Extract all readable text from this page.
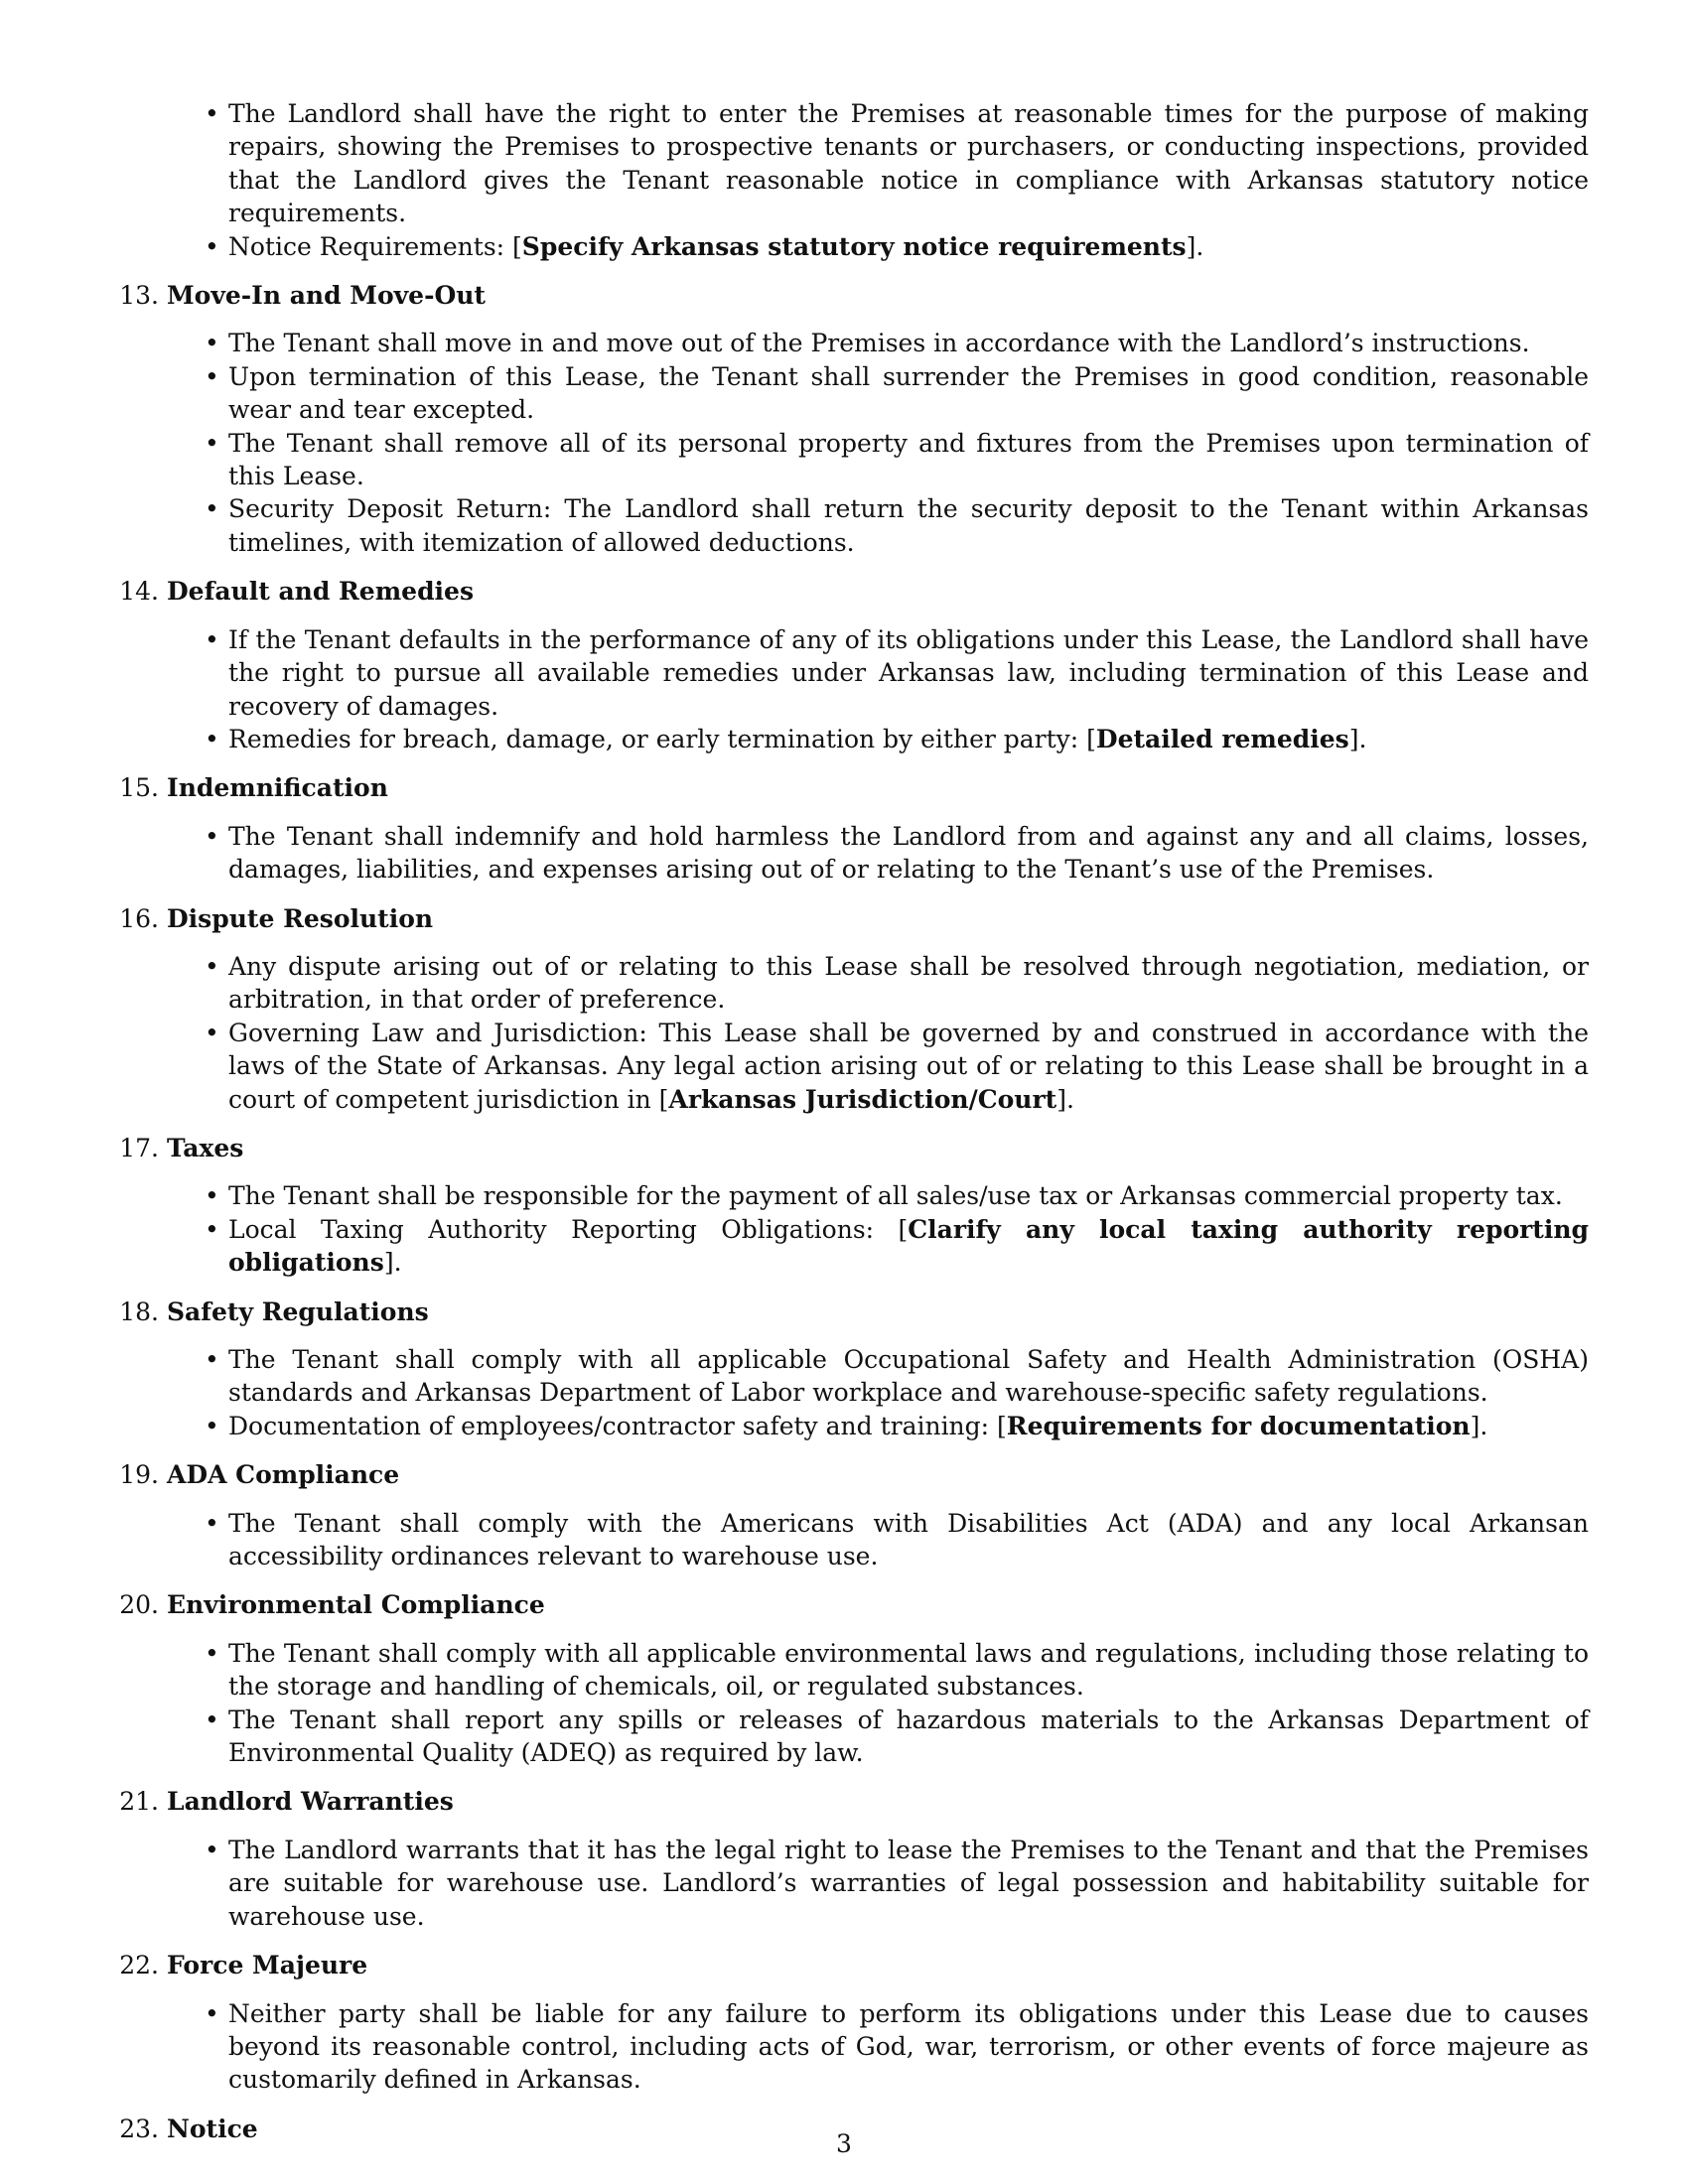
• The Landlord shall have the right to enter the Premises at reasonable times for the purpose of making repairs, showing the Premises to prospective tenants or purchasers, or conducting inspections, provided that the Landlord gives the Tenant reasonable notice in compliance with Arkansas statutory notice requirements.
• Notice Requirements: [Specify Arkansas statutory notice requirements].
13. Move-In and Move-Out
• The Tenant shall move in and move out of the Premises in accordance with the Landlord’s instructions.
• Upon termination of this Lease, the Tenant shall surrender the Premises in good condition, reasonable wear and tear excepted.
• The Tenant shall remove all of its personal property and fixtures from the Premises upon termination of this Lease.
• Security Deposit Return: The Landlord shall return the security deposit to the Tenant within Arkansas timelines, with itemization of allowed deductions.
14. Default and Remedies
• If the Tenant defaults in the performance of any of its obligations under this Lease, the Landlord shall have the right to pursue all available remedies under Arkansas law, including termination of this Lease and recovery of damages.
• Remedies for breach, damage, or early termination by either party: [Detailed remedies].
15. Indemnification
• The Tenant shall indemnify and hold harmless the Landlord from and against any and all claims, losses, damages, liabilities, and expenses arising out of or relating to the Tenant’s use of the Premises.
16. Dispute Resolution
• Any dispute arising out of or relating to this Lease shall be resolved through negotiation, mediation, or arbitration, in that order of preference.
• Governing Law and Jurisdiction: This Lease shall be governed by and construed in accordance with the laws of the State of Arkansas. Any legal action arising out of or relating to this Lease shall be brought in a court of competent jurisdiction in [Arkansas Jurisdiction/Court].
17. Taxes
• The Tenant shall be responsible for the payment of all sales/use tax or Arkansas commercial property tax.
• Local Taxing Authority Reporting Obligations: [Clarify any local taxing authority reporting obligations].
18. Safety Regulations
• The Tenant shall comply with all applicable Occupational Safety and Health Administration (OSHA) standards and Arkansas Department of Labor workplace and warehouse-specific safety regulations.
• Documentation of employees/contractor safety and training: [Requirements for documentation].
19. ADA Compliance
• The Tenant shall comply with the Americans with Disabilities Act (ADA) and any local Arkansan accessibility ordinances relevant to warehouse use.
20. Environmental Compliance
• The Tenant shall comply with all applicable environmental laws and regulations, including those relating to the storage and handling of chemicals, oil, or regulated substances.
• The Tenant shall report any spills or releases of hazardous materials to the Arkansas Department of Environmental Quality (ADEQ) as required by law.
21. Landlord Warranties
• The Landlord warrants that it has the legal right to lease the Premises to the Tenant and that the Premises are suitable for warehouse use. Landlord’s warranties of legal possession and habitability suitable for warehouse use.
22. Force Majeure
• Neither party shall be liable for any failure to perform its obligations under this Lease due to causes beyond its reasonable control, including acts of God, war, terrorism, or other events of force majeure as customarily defined in Arkansas.
23. Notice
3
